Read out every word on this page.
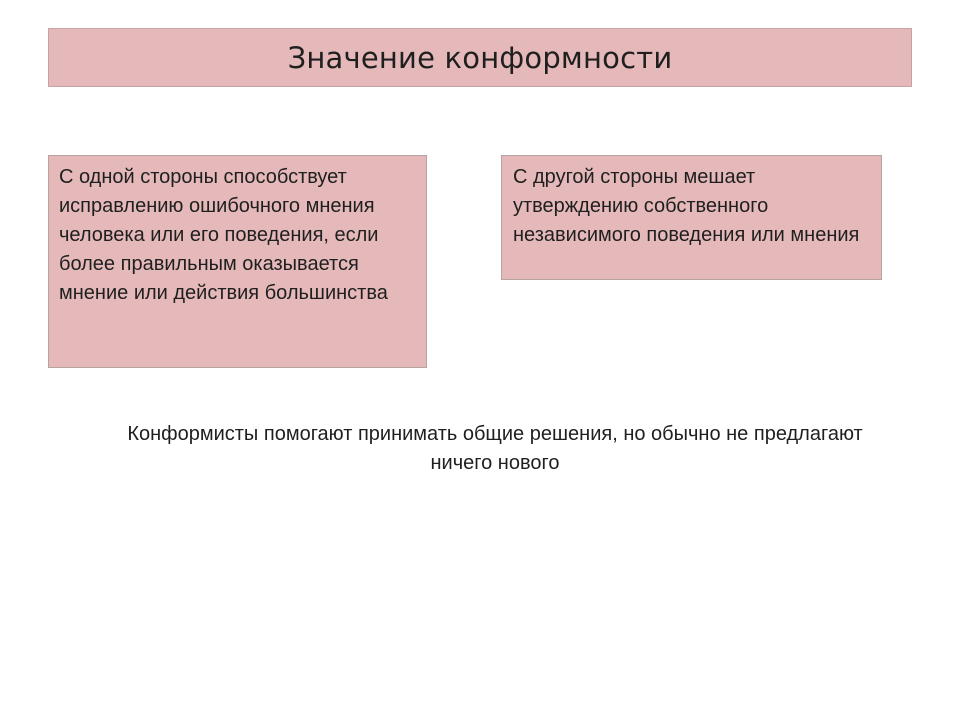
Значение конформности
С одной стороны способствует исправлению ошибочного мнения человека или его поведения, если более правильным оказывается мнение или действия большинства
С другой стороны мешает утверждению собственного независимого поведения или мнения
Конформисты помогают принимать общие решения, но обычно не предлагают ничего нового
